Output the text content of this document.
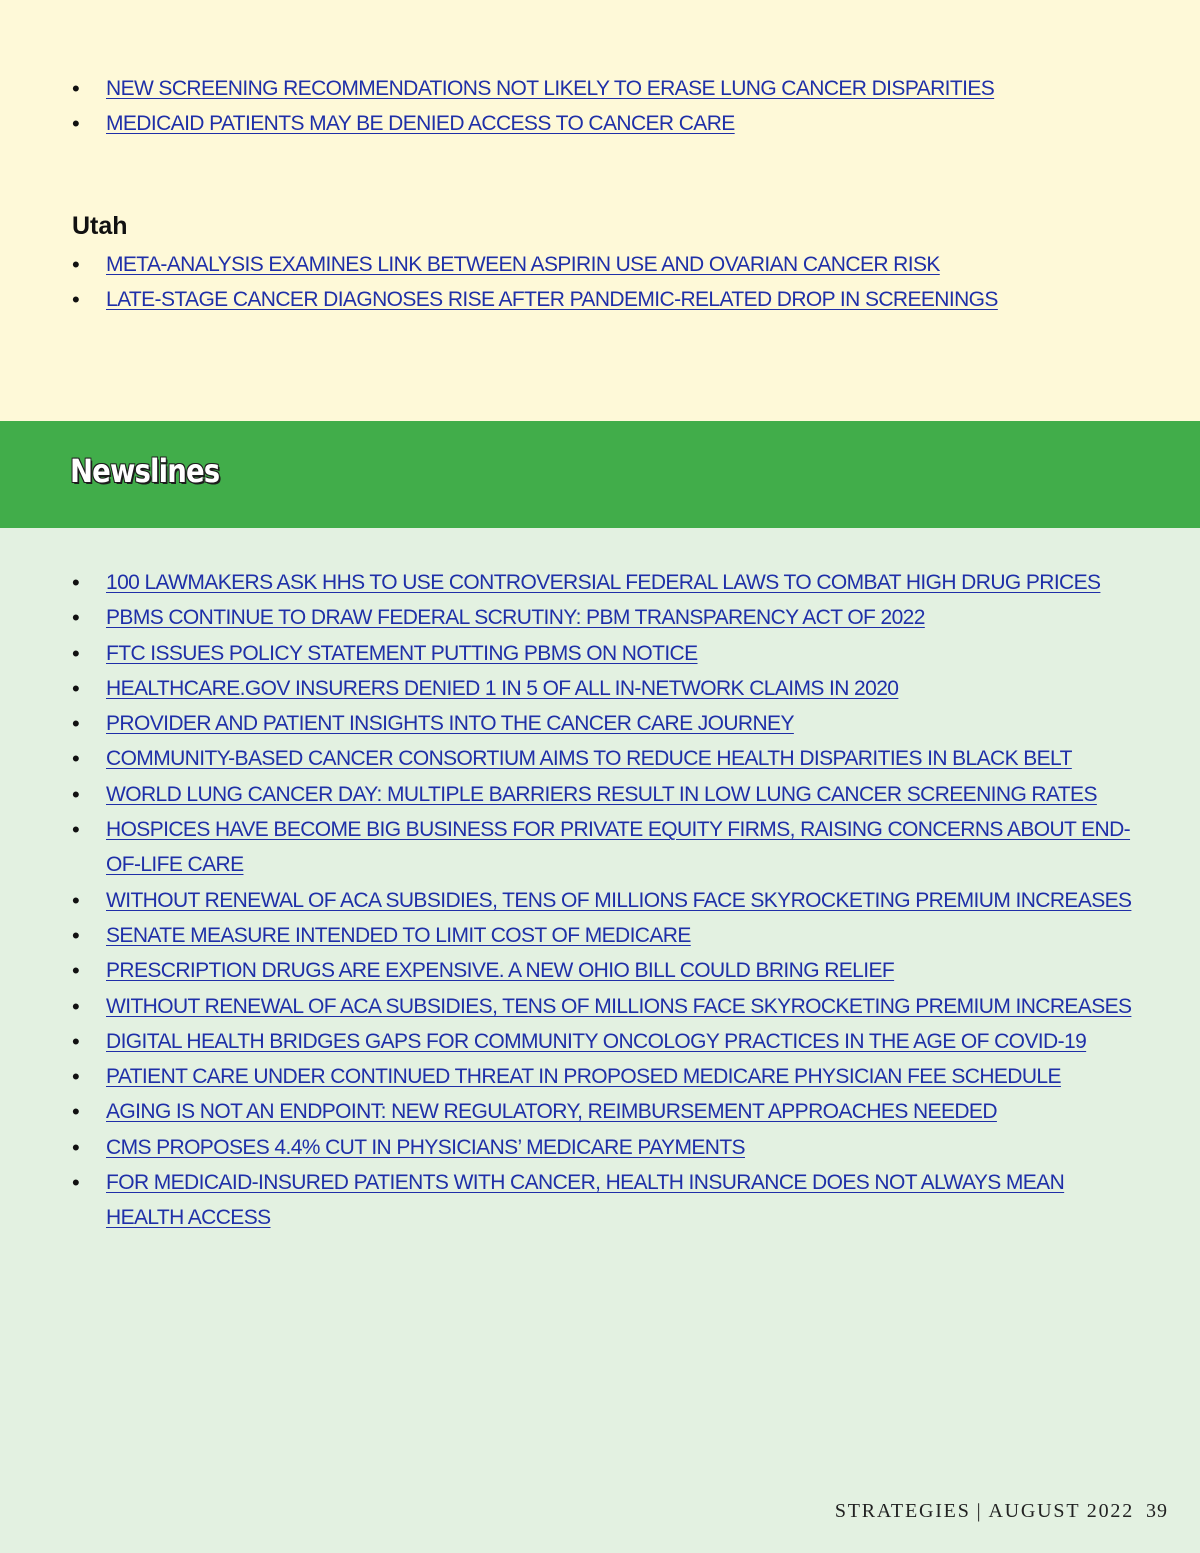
• NEW SCREENING RECOMMENDATIONS NOT LIKELY TO ERASE LUNG CANCER DISPARITIES
• MEDICAID PATIENTS MAY BE DENIED ACCESS TO CANCER CARE
Utah
• META-ANALYSIS EXAMINES LINK BETWEEN ASPIRIN USE AND OVARIAN CANCER RISK
• LATE-STAGE CANCER DIAGNOSES RISE AFTER PANDEMIC-RELATED DROP IN SCREENINGS
Newslines
• 100 LAWMAKERS ASK HHS TO USE CONTROVERSIAL FEDERAL LAWS TO COMBAT HIGH DRUG PRICES
• PBMS CONTINUE TO DRAW FEDERAL SCRUTINY: PBM TRANSPARENCY ACT OF 2022
• FTC ISSUES POLICY STATEMENT PUTTING PBMS ON NOTICE
• HEALTHCARE.GOV INSURERS DENIED 1 IN 5 OF ALL IN-NETWORK CLAIMS IN 2020
• PROVIDER AND PATIENT INSIGHTS INTO THE CANCER CARE JOURNEY
• COMMUNITY-BASED CANCER CONSORTIUM AIMS TO REDUCE HEALTH DISPARITIES IN BLACK BELT
• WORLD LUNG CANCER DAY: MULTIPLE BARRIERS RESULT IN LOW LUNG CANCER SCREENING RATES
• HOSPICES HAVE BECOME BIG BUSINESS FOR PRIVATE EQUITY FIRMS, RAISING CONCERNS ABOUT END-OF-LIFE CARE
• WITHOUT RENEWAL OF ACA SUBSIDIES, TENS OF MILLIONS FACE SKYROCKETING PREMIUM INCREASES
• SENATE MEASURE INTENDED TO LIMIT COST OF MEDICARE
• PRESCRIPTION DRUGS ARE EXPENSIVE. A NEW OHIO BILL COULD BRING RELIEF
• WITHOUT RENEWAL OF ACA SUBSIDIES, TENS OF MILLIONS FACE SKYROCKETING PREMIUM INCREASES
• DIGITAL HEALTH BRIDGES GAPS FOR COMMUNITY ONCOLOGY PRACTICES IN THE AGE OF COVID-19
• PATIENT CARE UNDER CONTINUED THREAT IN PROPOSED MEDICARE PHYSICIAN FEE SCHEDULE
• AGING IS NOT AN ENDPOINT: NEW REGULATORY, REIMBURSEMENT APPROACHES NEEDED
• CMS PROPOSES 4.4% CUT IN PHYSICIANS’ MEDICARE PAYMENTS
• FOR MEDICAID-INSURED PATIENTS WITH CANCER, HEALTH INSURANCE DOES NOT ALWAYS MEAN HEALTH ACCESS
STRATEGIES | AUGUST 2022 39
